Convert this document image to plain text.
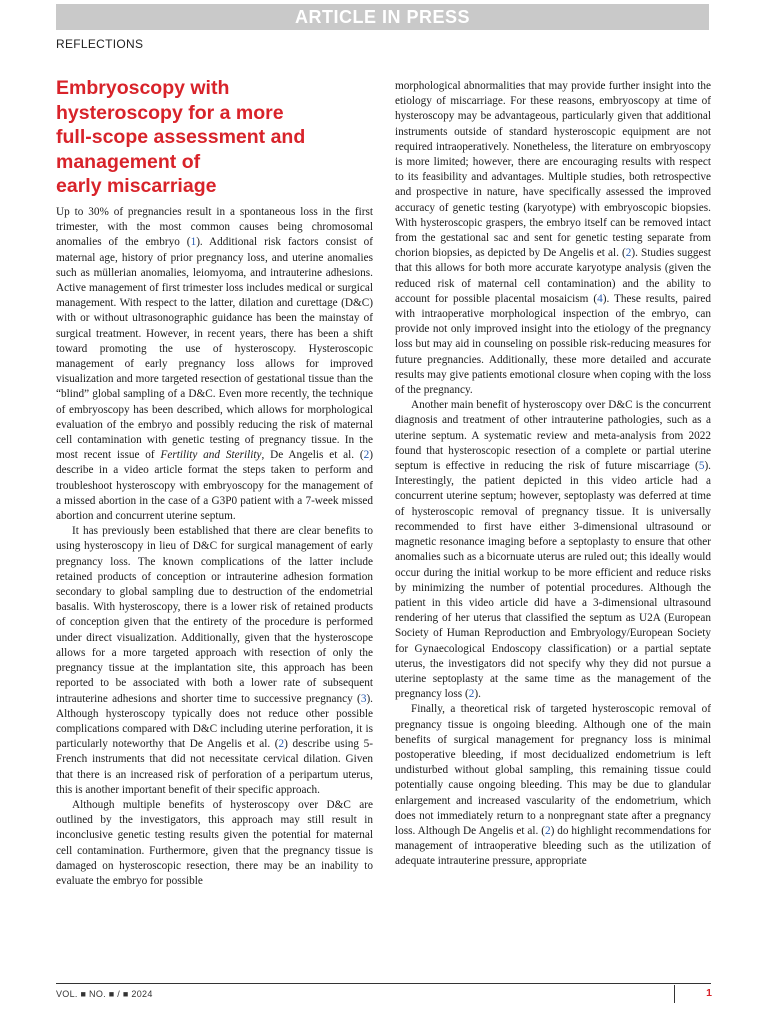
ARTICLE IN PRESS
REFLECTIONS
Embryoscopy with
hysteroscopy for a more
full-scope assessment and
management of
early miscarriage

Up to 30% of pregnancies result in a spontaneous loss in the first trimester, with the most common causes being chromosomal anomalies of the embryo (1). Additional risk factors consist of maternal age, history of prior pregnancy loss, and uterine anomalies such as müllerian anomalies, leiomyoma, and intrauterine adhesions. Active management of first trimester loss includes medical or surgical management. With respect to the latter, dilation and curettage (D&C) with or without ultrasonographic guidance has been the mainstay of surgical treatment. However, in recent years, there has been a shift toward promoting the use of hysteroscopy. Hysteroscopic management of early pregnancy loss allows for improved visualization and more targeted resection of gestational tissue than the “blind” global sampling of a D&C. Even more recently, the technique of embryoscopy has been described, which allows for morphological evaluation of the embryo and possibly reducing the risk of maternal cell contamination with genetic testing of pregnancy tissue. In the most recent issue of Fertility and Sterility, De Angelis et al. (2) describe in a video article format the steps taken to perform and troubleshoot hysteroscopy with embryoscopy for the management of a missed abortion in the case of a G3P0 patient with a 7-week missed abortion and concurrent uterine septum.

It has previously been established that there are clear benefits to using hysteroscopy in lieu of D&C for surgical management of early pregnancy loss. The known complications of the latter include retained products of conception or intrauterine adhesion formation secondary to global sampling due to destruction of the endometrial basalis. With hysteroscopy, there is a lower risk of retained products of conception given that the entirety of the procedure is performed under direct visualization. Additionally, given that the hysteroscope allows for a more targeted approach with resection of only the pregnancy tissue at the implantation site, this approach has been reported to be associated with both a lower rate of subsequent intrauterine adhesions and shorter time to successive pregnancy (3). Although hysteroscopy typically does not reduce other possible complications compared with D&C including uterine perforation, it is particularly noteworthy that De Angelis et al. (2) describe using 5-French instruments that did not necessitate cervical dilation. Given that there is an increased risk of perforation of a peripartum uterus, this is another important benefit of their specific approach.

Although multiple benefits of hysteroscopy over D&C are outlined by the investigators, this approach may still result in inconclusive genetic testing results given the potential for maternal cell contamination. Furthermore, given that the pregnancy tissue is damaged on hysteroscopic resection, there may be an inability to evaluate the embryo for possible

morphological abnormalities that may provide further insight into the etiology of miscarriage. For these reasons, embryoscopy at time of hysteroscopy may be advantageous, particularly given that additional instruments outside of standard hysteroscopic equipment are not required intraoperatively. Nonetheless, the literature on embryoscopy is more limited; however, there are encouraging results with respect to its feasibility and advantages. Multiple studies, both retrospective and prospective in nature, have specifically assessed the improved accuracy of genetic testing (karyotype) with embryoscopic biopsies. With hysteroscopic graspers, the embryo itself can be removed intact from the gestational sac and sent for genetic testing separate from chorion biopsies, as depicted by De Angelis et al. (2). Studies suggest that this allows for both more accurate karyotype analysis (given the reduced risk of maternal cell contamination) and the ability to account for possible placental mosaicism (4). These results, paired with intraoperative morphological inspection of the embryo, can provide not only improved insight into the etiology of the pregnancy loss but may aid in counseling on possible risk-reducing measures for future pregnancies. Additionally, these more detailed and accurate results may give patients emotional closure when coping with the loss of the pregnancy.

Another main benefit of hysteroscopy over D&C is the concurrent diagnosis and treatment of other intrauterine pathologies, such as a uterine septum. A systematic review and meta-analysis from 2022 found that hysteroscopic resection of a complete or partial uterine septum is effective in reducing the risk of future miscarriage (5). Interestingly, the patient depicted in this video article had a concurrent uterine septum; however, septoplasty was deferred at time of hysteroscopic removal of pregnancy tissue. It is universally recommended to first have either 3-dimensional ultrasound or magnetic resonance imaging before a septoplasty to ensure that other anomalies such as a bicornuate uterus are ruled out; this ideally would occur during the initial workup to be more efficient and reduce risks by minimizing the number of potential procedures. Although the patient in this video article did have a 3-dimensional ultrasound rendering of her uterus that classified the septum as U2A (European Society of Human Reproduction and Embryology/European Society for Gynaecological Endoscopy classification) or a partial septate uterus, the investigators did not specify why they did not pursue a uterine septoplasty at the same time as the management of the pregnancy loss (2).

Finally, a theoretical risk of targeted hysteroscopic removal of pregnancy tissue is ongoing bleeding. Although one of the main benefits of surgical management for pregnancy loss is minimal postoperative bleeding, if most decidualized endometrium is left undisturbed without global sampling, this remaining tissue could potentially cause ongoing bleeding. This may be due to glandular enlargement and increased vascularity of the endometrium, which does not immediately return to a nonpregnant state after a pregnancy loss. Although De Angelis et al. (2) do highlight recommendations for management of intraoperative bleeding such as the utilization of adequate intrauterine pressure, appropriate

VOL. ■ NO. ■ / ■ 2024	1
